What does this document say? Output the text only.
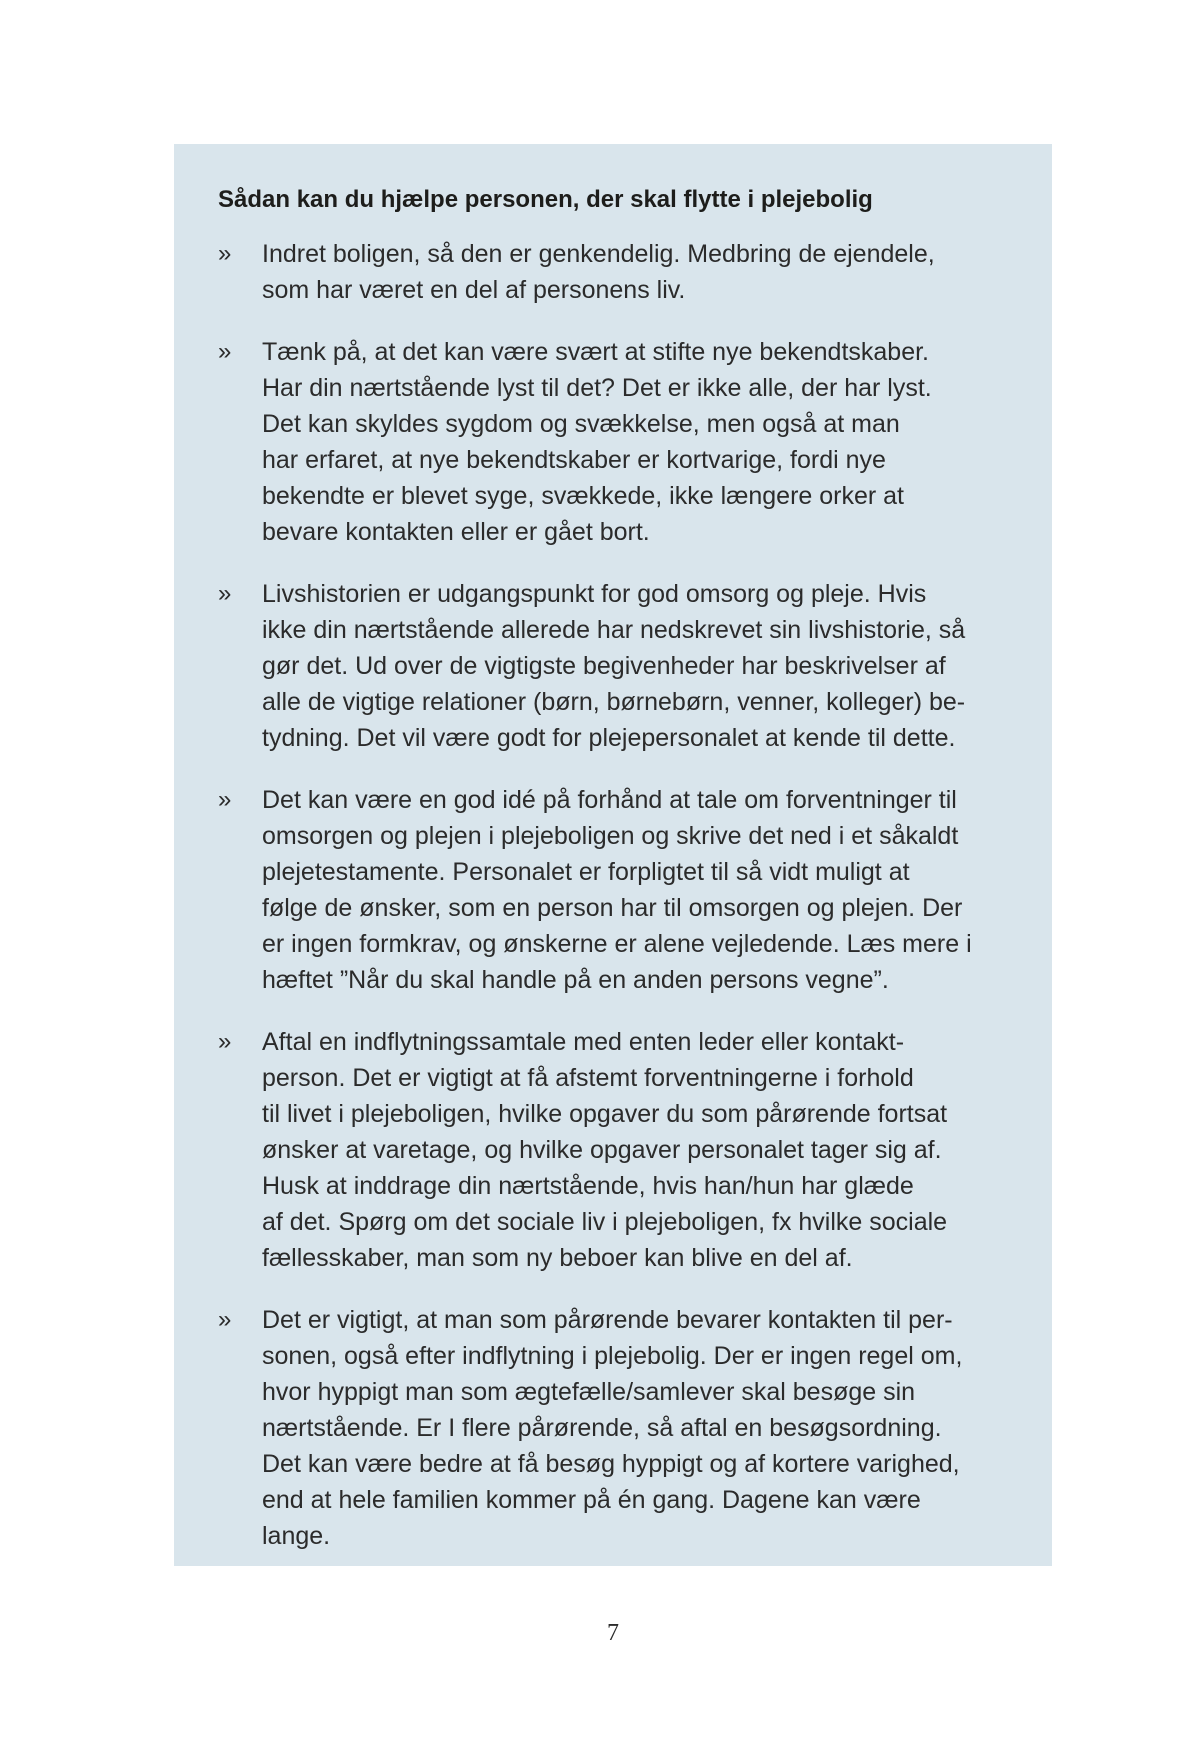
Sådan kan du hjælpe personen, der skal flytte i plejebolig
»	Indret boligen, så den er genkendelig. Medbring de ejendele,
som har været en del af personens liv.
»	Tænk på, at det kan være svært at stifte nye bekendtskaber.
Har din nærtstående lyst til det? Det er ikke alle, der har lyst.
Det kan skyldes sygdom og svækkelse, men også at man
har erfaret, at nye bekendtskaber er kortvarige, fordi nye
bekendte er blevet syge, svækkede, ikke længere orker at
bevare kontakten eller er gået bort.
»	Livshistorien er udgangspunkt for god omsorg og pleje. Hvis
ikke din nærtstående allerede har nedskrevet sin livshistorie, så
gør det. Ud over de vigtigste begivenheder har beskrivelser af
alle de vigtige relationer (børn, børnebørn, venner, kolleger) be-
tydning. Det vil være godt for plejepersonalet at kende til dette.
»	Det kan være en god idé på forhånd at tale om forventninger til
omsorgen og plejen i plejeboligen og skrive det ned i et såkaldt
plejetestamente. Personalet er forpligtet til så vidt muligt at
følge de ønsker, som en person har til omsorgen og plejen. Der
er ingen formkrav, og ønskerne er alene vejledende. Læs mere i
hæftet ”Når du skal handle på en anden persons vegne”.
»	Aftal en indflytningssamtale med enten leder eller kontakt-
person. Det er vigtigt at få afstemt forventningerne i forhold
til livet i plejeboligen, hvilke opgaver du som pårørende fortsat
ønsker at varetage, og hvilke opgaver personalet tager sig af.
Husk at inddrage din nærtstående, hvis han/hun har glæde
af det. Spørg om det sociale liv i plejeboligen, fx hvilke sociale
fællesskaber, man som ny beboer kan blive en del af.
»	Det er vigtigt, at man som pårørende bevarer kontakten til per-
sonen, også efter indflytning i plejebolig. Der er ingen regel om,
hvor hyppigt man som ægtefælle/samlever skal besøge sin
nærtstående. Er I flere pårørende, så aftal en besøgsordning.
Det kan være bedre at få besøg hyppigt og af kortere varighed,
end at hele familien kommer på én gang. Dagene kan være lange.
7
